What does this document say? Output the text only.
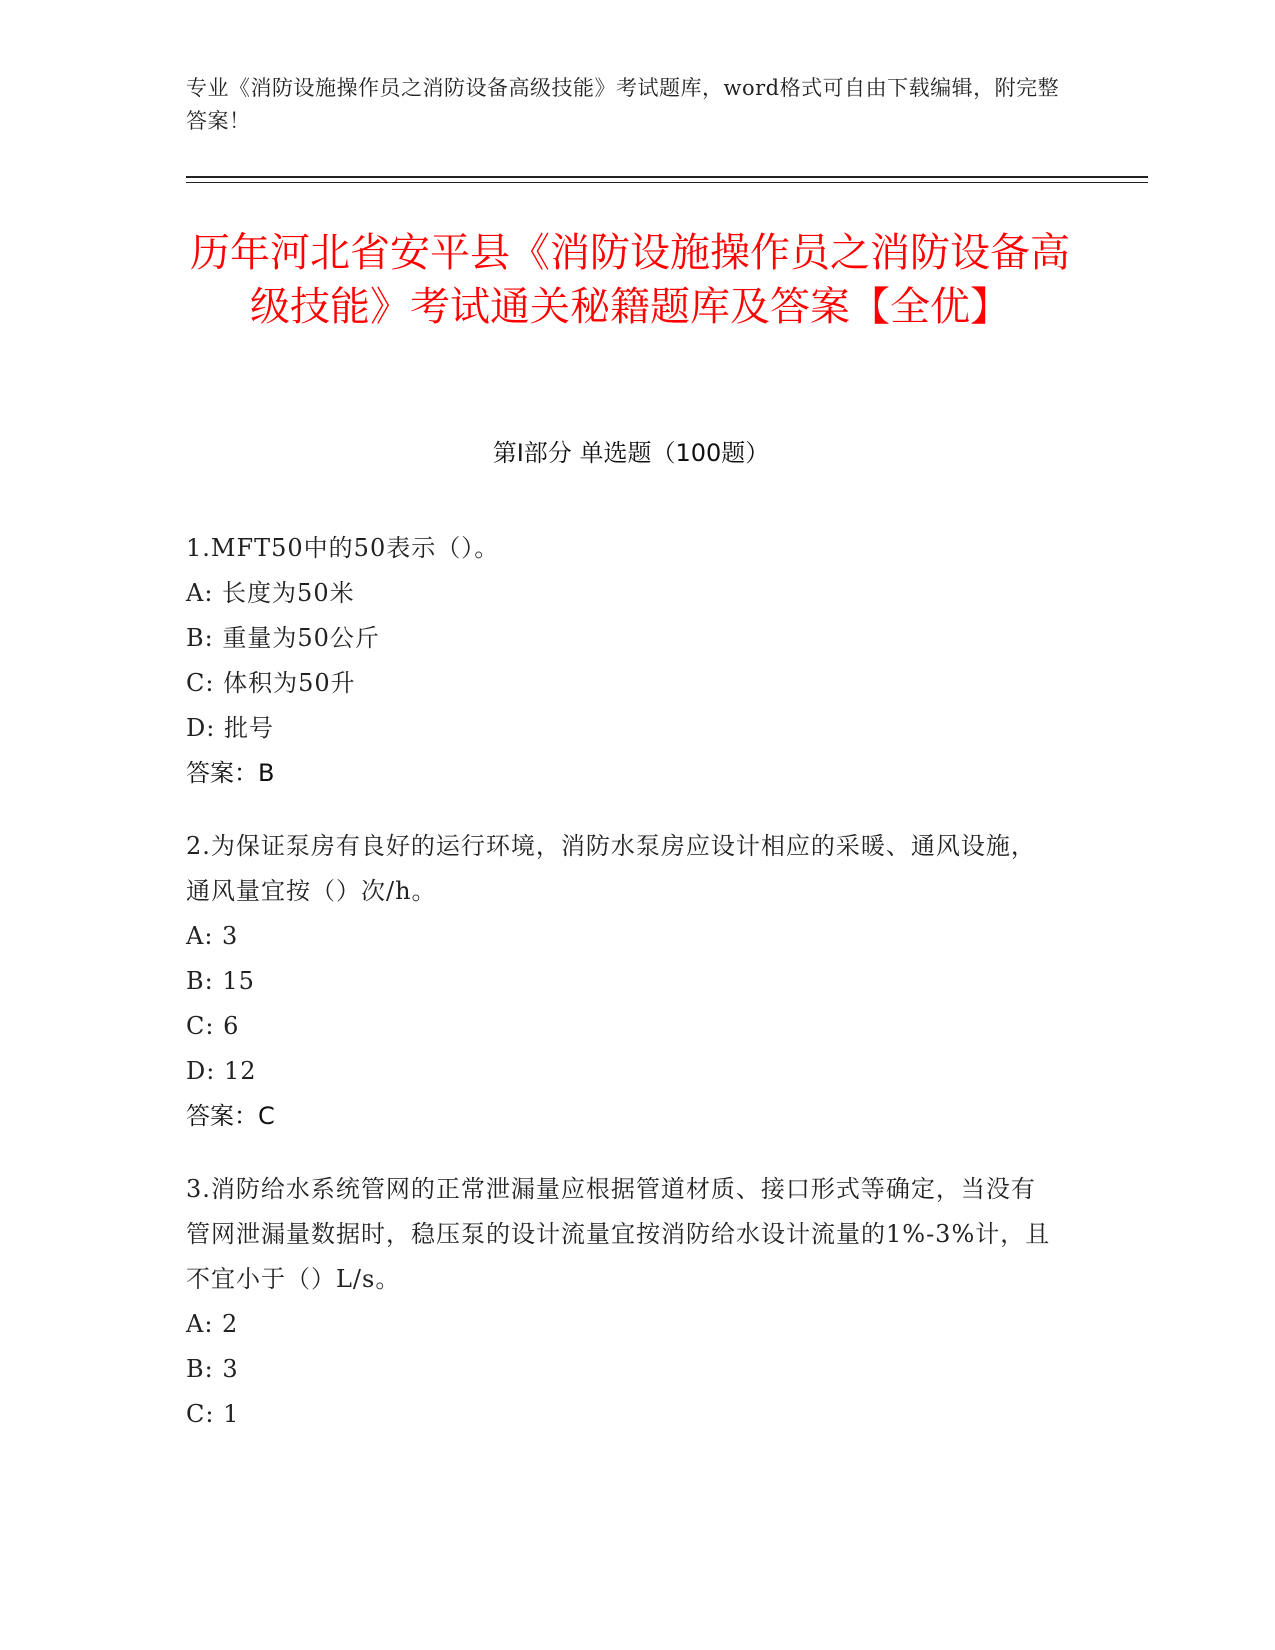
专业《消防设施操作员之消防设备高级技能》考试题库，word格式可自由下载编辑，附完整答案！
历年河北省安平县《消防设施操作员之消防设备高级技能》考试通关秘籍题库及答案【全优】
第Ⅰ部分 单选题（100题）

1.MFT50中的50表示（）。

A: 长度为50米

B: 重量为50公斤

C: 体积为50升

D: 批号

答案：B

2.为保证泵房有良好的运行环境，消防水泵房应设计相应的采暖、通风设施，通风量宜按（）次/h。

A: 3

B: 15

C: 6

D: 12

答案：C

3.消防给水系统管网的正常泄漏量应根据管道材质、接口形式等确定，当没有管网泄漏量数据时，稳压泵的设计流量宜按消防给水设计流量的1%-3%计，且不宜小于（）L/s。

A: 2

B: 3

C: 1
